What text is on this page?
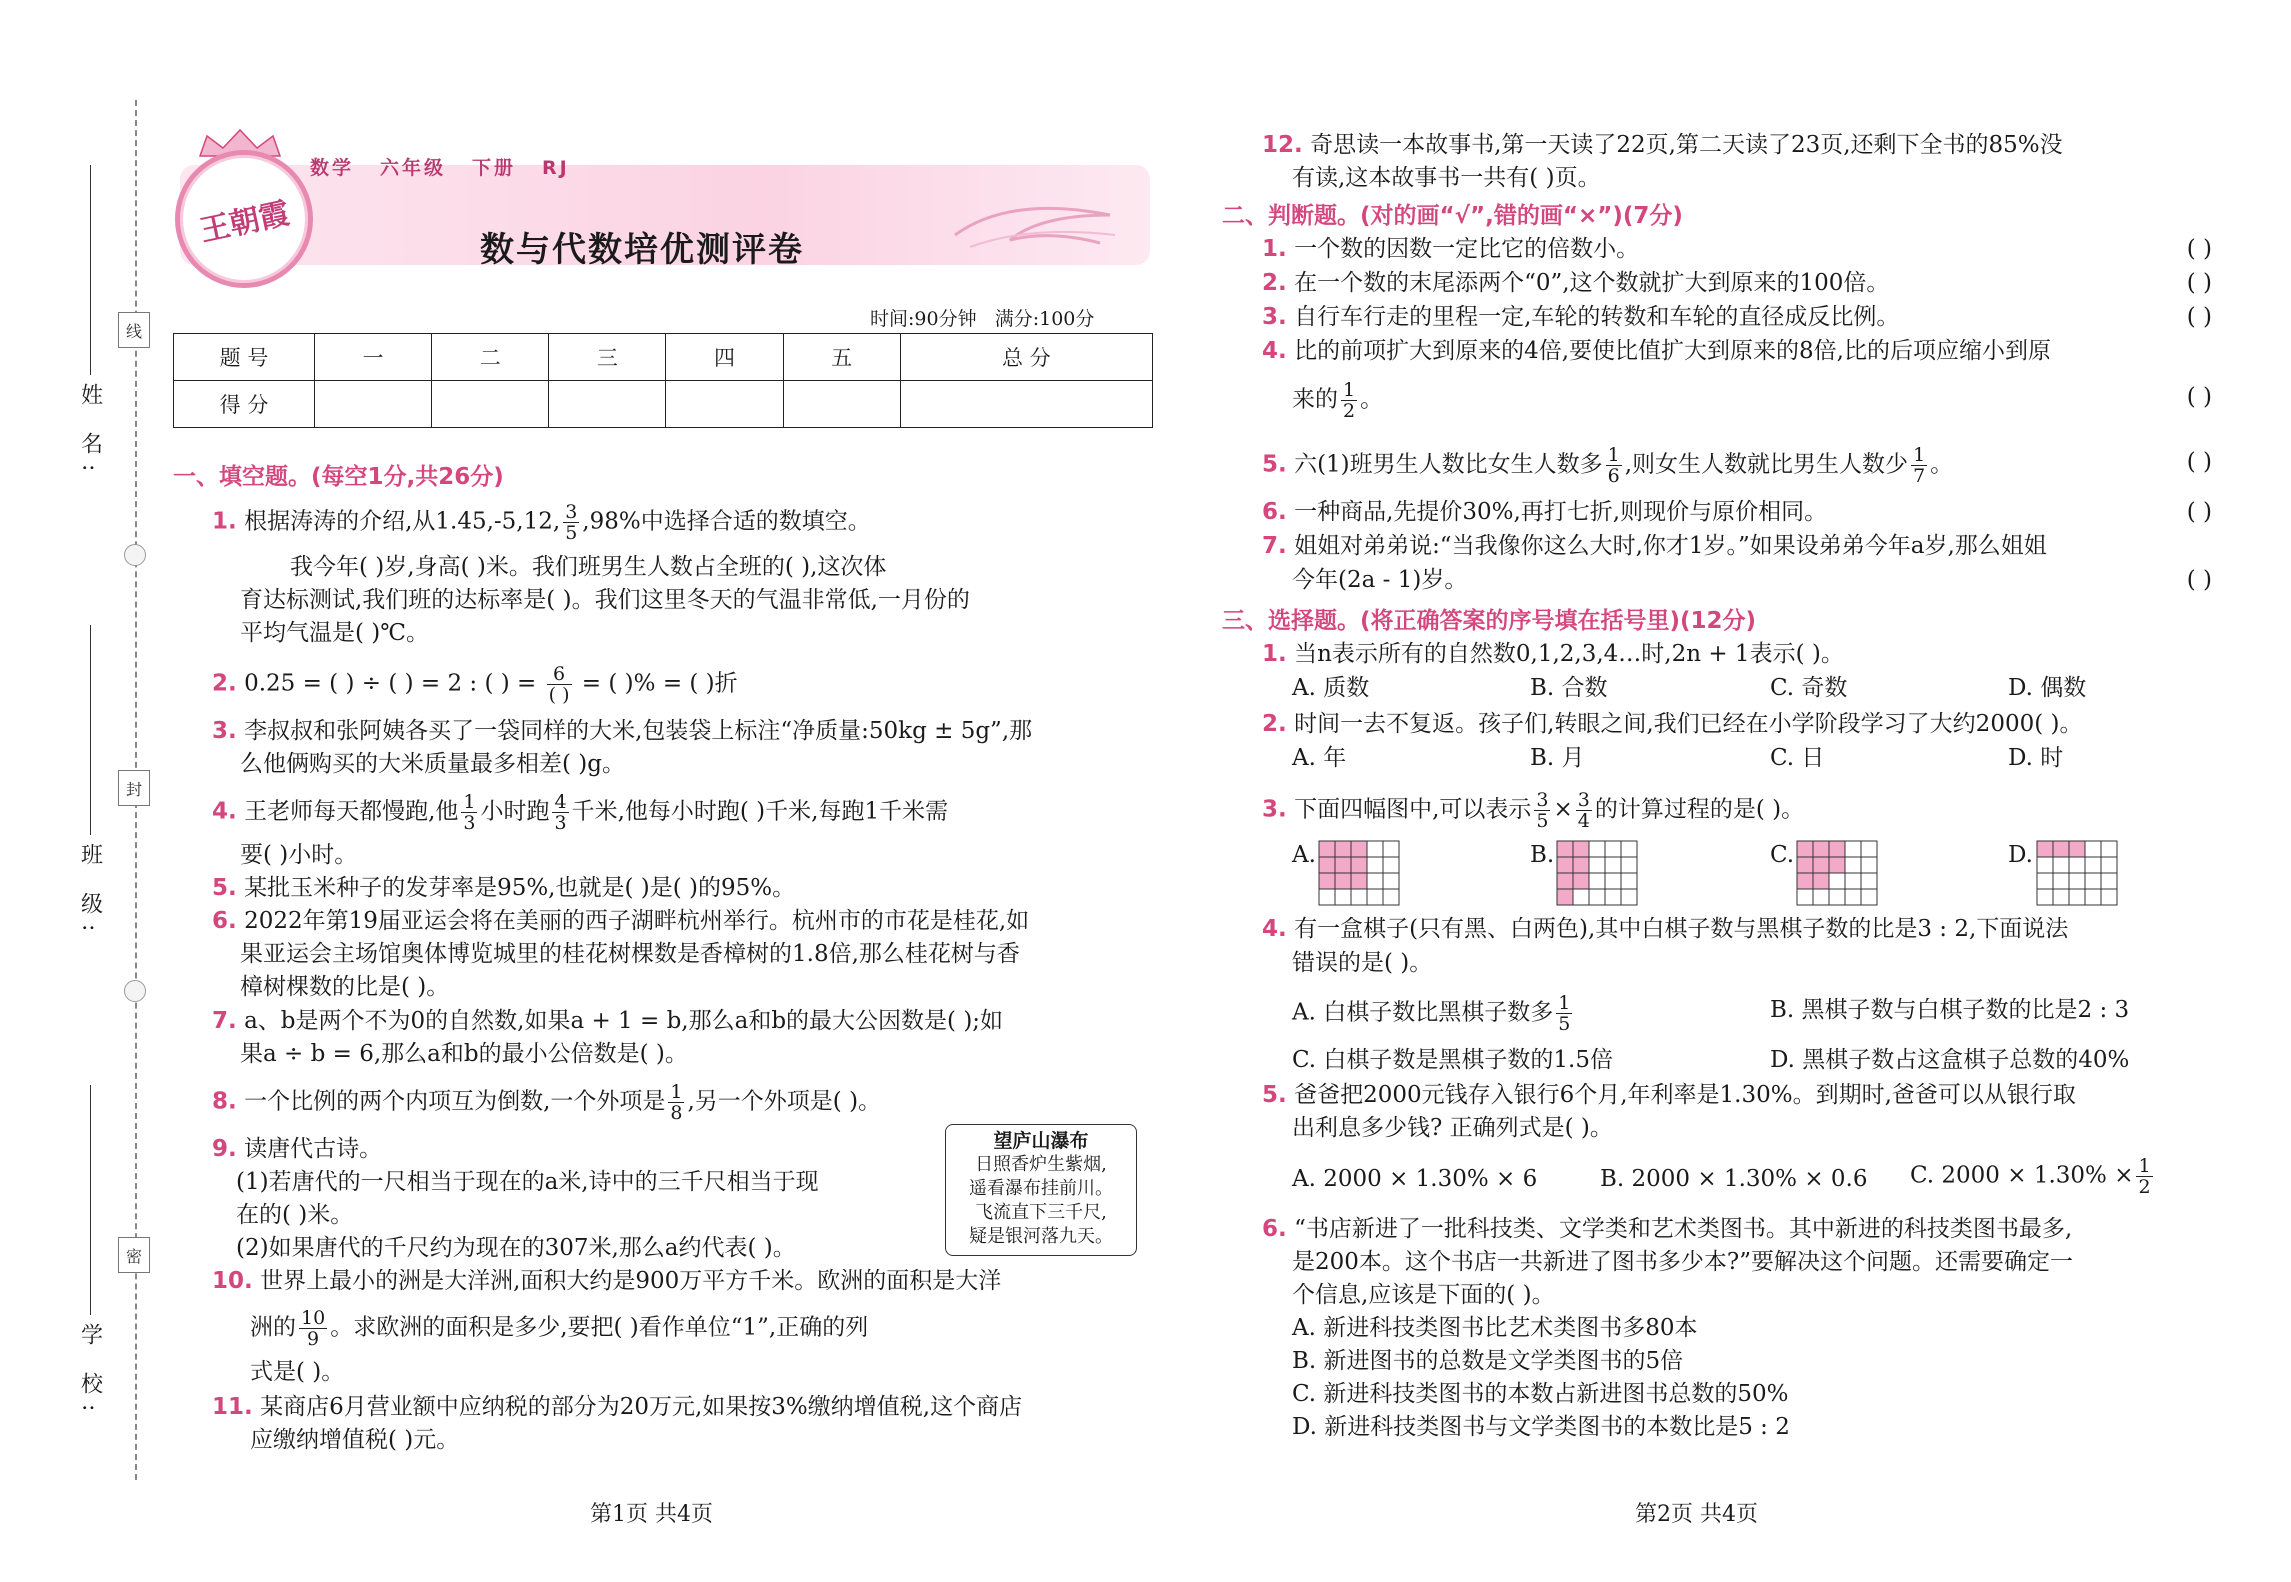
线
封
密
姓 名:
班 级:
学 校:
王朝霞
数学 六年级 下册 RJ
数与代数培优测评卷
时间:90分钟 满分:100分
题 号	一	二	三	四	五	总 分
得 分						
一、填空题。(每空1分,共26分)
1. 根据涛涛的介绍,从1.45,-5,12, $\frac{3}{5} ,98\%$中选择合适的数填空。
我今年( )岁,身高( )米。我们班男生人数占全班的( ),这次体
育达标测试,我们班的达标率是( )。我们这里冬天的气温非常低,一月份的
平均气温是( )℃。
2. 0.25 = ( ) ÷ ( ) = 2 : ( ) = $\frac{6}{( )}$ = ( )% = ( )折
3. 李叔叔和张阿姨各买了一袋同样的大米,包装袋上标注“净质量:50kg ± 5g”,那
么他俩购买的大米质量最多相差( )g。
4. 王老师每天都慢跑,他 $\frac{1}{3}$ 小时跑 $\frac{4}{3}$ 千米,他每小时跑( )千米,每跑1千米需
要( )小时。
5. 某批玉米种子的发芽率是95%,也就是( )是( )的95%。
6. 2022年第19届亚运会将在美丽的西子湖畔杭州举行。杭州市的市花是桂花,如
果亚运会主场馆奥体博览城里的桂花树棵数是香樟树的1.8倍,那么桂花树与香
樟树棵数的比是( )。
7. a、b是两个不为0的自然数,如果a + 1 = b,那么a和b的最大公因数是( );如
果a ÷ b = 6,那么a和b的最小公倍数是( )。
8. 一个比例的两个内项互为倒数,一个外项是 $\frac{1}{8}$ ,另一个外项是( )。
9. 读唐代古诗。
(1)若唐代的一尺相当于现在的a米,诗中的三千尺相当于现
在的( )米。
(2)如果唐代的千尺约为现在的307米,那么a约代表( )。
望庐山瀑布
日照香炉生紫烟,
遥看瀑布挂前川。
飞流直下三千尺,
疑是银河落九天。
10. 世界上最小的洲是大洋洲,面积大约是900万平方千米。欧洲的面积是大洋
洲的 $\frac{10}{9}$ 。求欧洲的面积是多少,要把( )看作单位“1”,正确的列
式是( )。
11. 某商店6月营业额中应纳税的部分为20万元,如果按3%缴纳增值税,这个商店
应缴纳增值税( )元。
第1页 共4页
12. 奇思读一本故事书,第一天读了22页,第二天读了23页,还剩下全书的85%没
有读,这本故事书一共有( )页。
二、判断题。(对的画“√”,错的画“×”)(7分)
1. 一个数的因数一定比它的倍数小。	( )
2. 在一个数的末尾添两个“0”,这个数就扩大到原来的100倍。	( )
3. 自行车行走的里程一定,车轮的转数和车轮的直径成反比例。	( )
4. 比的前项扩大到原来的4倍,要使比值扩大到原来的8倍,比的后项应缩小到原
来的 $\frac{1}{2}$ 。	( )
5. 六(1)班男生人数比女生人数多 $\frac{1}{6}$ ,则女生人数就比男生人数少 $\frac{1}{7}$ 。	( )
6. 一种商品,先提价30%,再打七折,则现价与原价相同。	( )
7. 姐姐对弟弟说:“当我像你这么大时,你才1岁。”如果设弟弟今年a岁,那么姐姐
今年(2a - 1)岁。	( )
三、选择题。(将正确答案的序号填在括号里)(12分)
1. 当n表示所有的自然数0,1,2,3,4…时,2n + 1表示( )。
A. 质数	B. 合数	C. 奇数	D. 偶数
2. 时间一去不复返。孩子们,转眼之间,我们已经在小学阶段学习了大约2000( )。
A. 年	B. 月	C. 日	D. 时
3. 下面四幅图中,可以表示 $\frac{3}{5} \times \frac{3}{4}$ 的计算过程的是( )。
A.	B.	C.	D.
4. 有一盒棋子(只有黑、白两色),其中白棋子数与黑棋子数的比是3 : 2,下面说法
错误的是( )。
A. 白棋子数比黑棋子数多 $\frac{1}{5}$	B. 黑棋子数与白棋子数的比是2 : 3
C. 白棋子数是黑棋子数的1.5倍	D. 黑棋子数占这盒棋子总数的40%
5. 爸爸把2000元钱存入银行6个月,年利率是1.30%。到期时,爸爸可以从银行取
出利息多少钱? 正确列式是( )。
A. 2000 × 1.30% × 6	B. 2000 × 1.30% × 0.6 C. $2000 \times 1.30\% \times \frac{1}{2}$
6. “书店新进了一批科技类、文学类和艺术类图书。其中新进的科技类图书最多,
是200本。这个书店一共新进了图书多少本?”要解决这个问题。还需要确定一
个信息,应该是下面的( )。
A. 新进科技类图书比艺术类图书多80本
B. 新进图书的总数是文学类图书的5倍
C. 新进科技类图书的本数占新进图书总数的50%
D. 新进科技类图书与文学类图书的本数比是5 : 2
第2页 共4页
